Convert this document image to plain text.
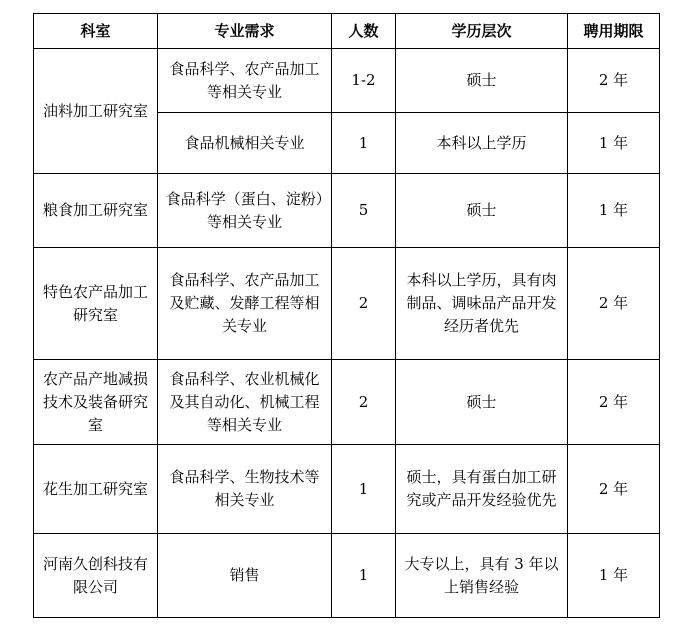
科室	专业需求	人数	学历层次	聘用期限
油料加工研究室	食品科学、农产品加工等相关专业	1-2	硕士	2 年
	食品机械相关专业	1	本科以上学历	1 年
粮食加工研究室	食品科学（蛋白、淀粉）等相关专业	5	硕士	1 年
特色农产品加工研究室	食品科学、农产品加工及贮藏、发酵工程等相关专业	2	本科以上学历，具有肉制品、调味品产品开发经历者优先	2 年
农产品产地减损技术及装备研究室	食品科学、农业机械化及其自动化、机械工程等相关专业	2	硕士	2 年
花生加工研究室	食品科学、生物技术等相关专业	1	硕士，具有蛋白加工研究或产品开发经验优先	2 年
河南久创科技有限公司	销售	1	大专以上，具有 3 年以上销售经验	1 年
